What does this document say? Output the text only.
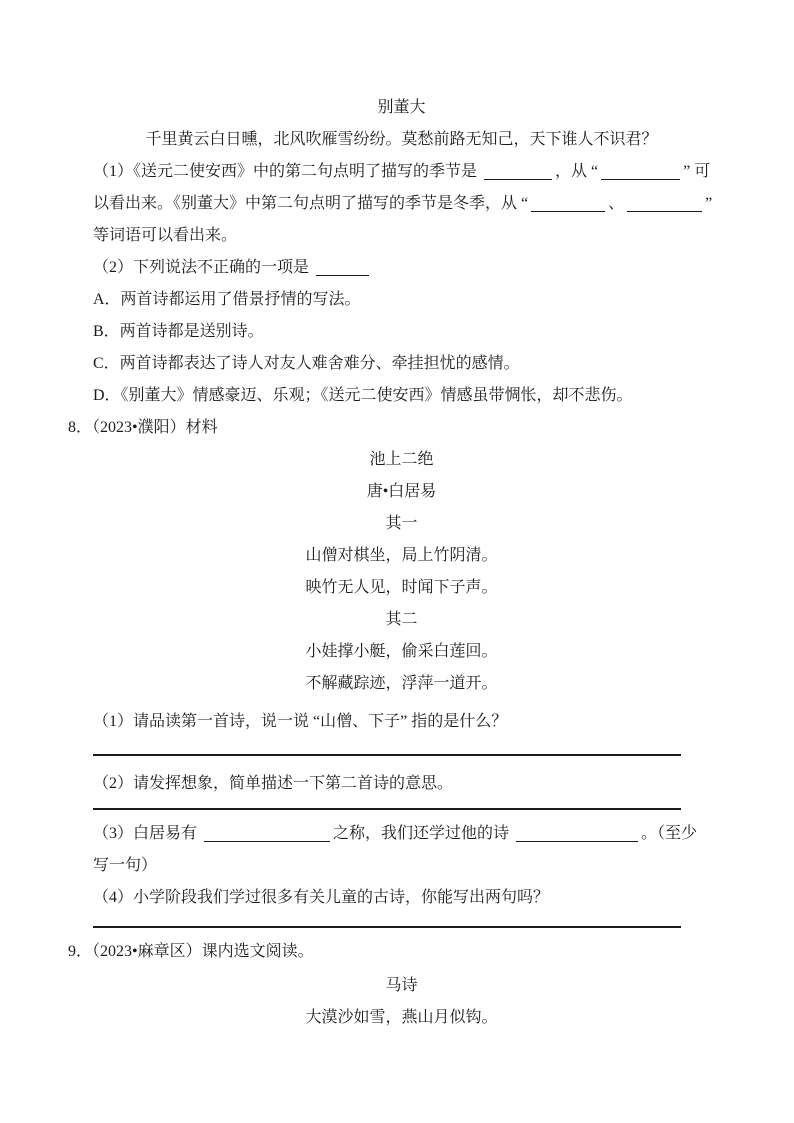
别董大
千里黄云白日曛，北风吹雁雪纷纷。莫愁前路无知己，天下谁人不识君？
（1）《送元二使安西》中的第二句点明了描写的季节是	，从 “	” 可
以看出来。《别董大》中第二句点明了描写的季节是冬季，从 “	、	”
等词语可以看出来。
（2）下列说法不正确的一项是
A．两首诗都运用了借景抒情的写法。
B．两首诗都是送别诗。
C．两首诗都表达了诗人对友人难舍难分、牵挂担忧的感情。
D．《别董大》情感豪迈、乐观；《送元二使安西》情感虽带惆怅，却不悲伤。
8．（2023•濮阳）材料
池上二绝
唐•白居易
其一
山僧对棋坐，局上竹阴清。
映竹无人见，时闻下子声。
其二
小娃撑小艇，偷采白莲回。
不解藏踪迹，浮萍一道开。
（1）请品读第一首诗，说一说 “山僧、下子” 指的是什么？
（2）请发挥想象，简单描述一下第二首诗的意思。
（3）白居易有	之称，我们还学过他的诗	。（至少
写一句）
（4）小学阶段我们学过很多有关儿童的古诗，你能写出两句吗？
9．（2023•麻章区）课内选文阅读。
马诗
大漠沙如雪，燕山月似钩。
